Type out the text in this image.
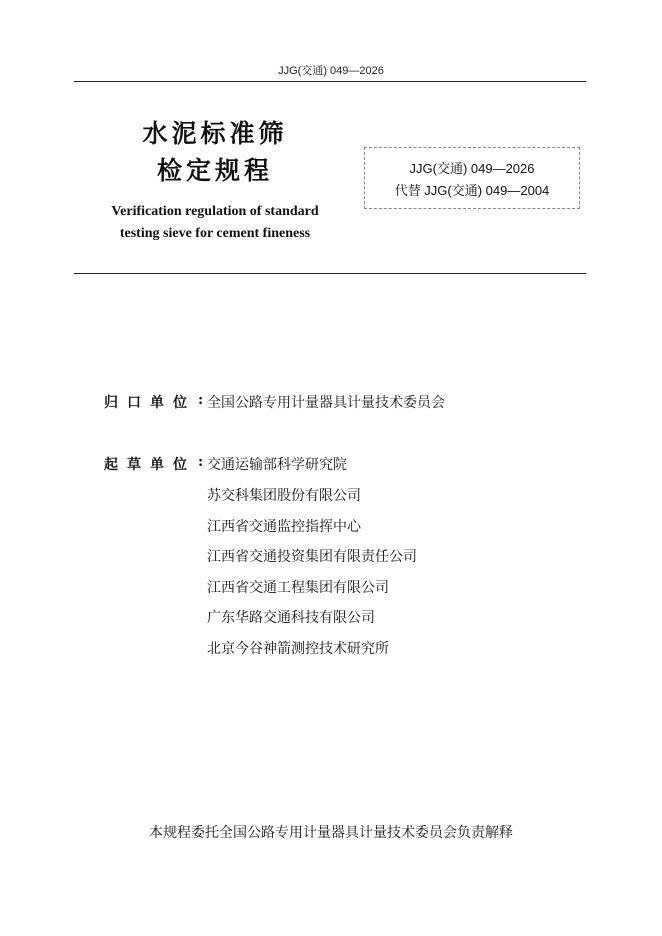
JJG(交通) 049—2026
水泥标准筛
检定规程
Verification regulation of standard
testing sieve for cement fineness
JJG(交通) 049—2026
代替 JJG(交通) 049—2004
归口单位 : 全国公路专用计量器具计量技术委员会
起草单位 : 交通运输部科学研究院
苏交科集团股份有限公司
江西省交通监控指挥中心
江西省交通投资集团有限责任公司
江西省交通工程集团有限公司
广东华路交通科技有限公司
北京今谷神箭测控技术研究所
本规程委托全国公路专用计量器具计量技术委员会负责解释
